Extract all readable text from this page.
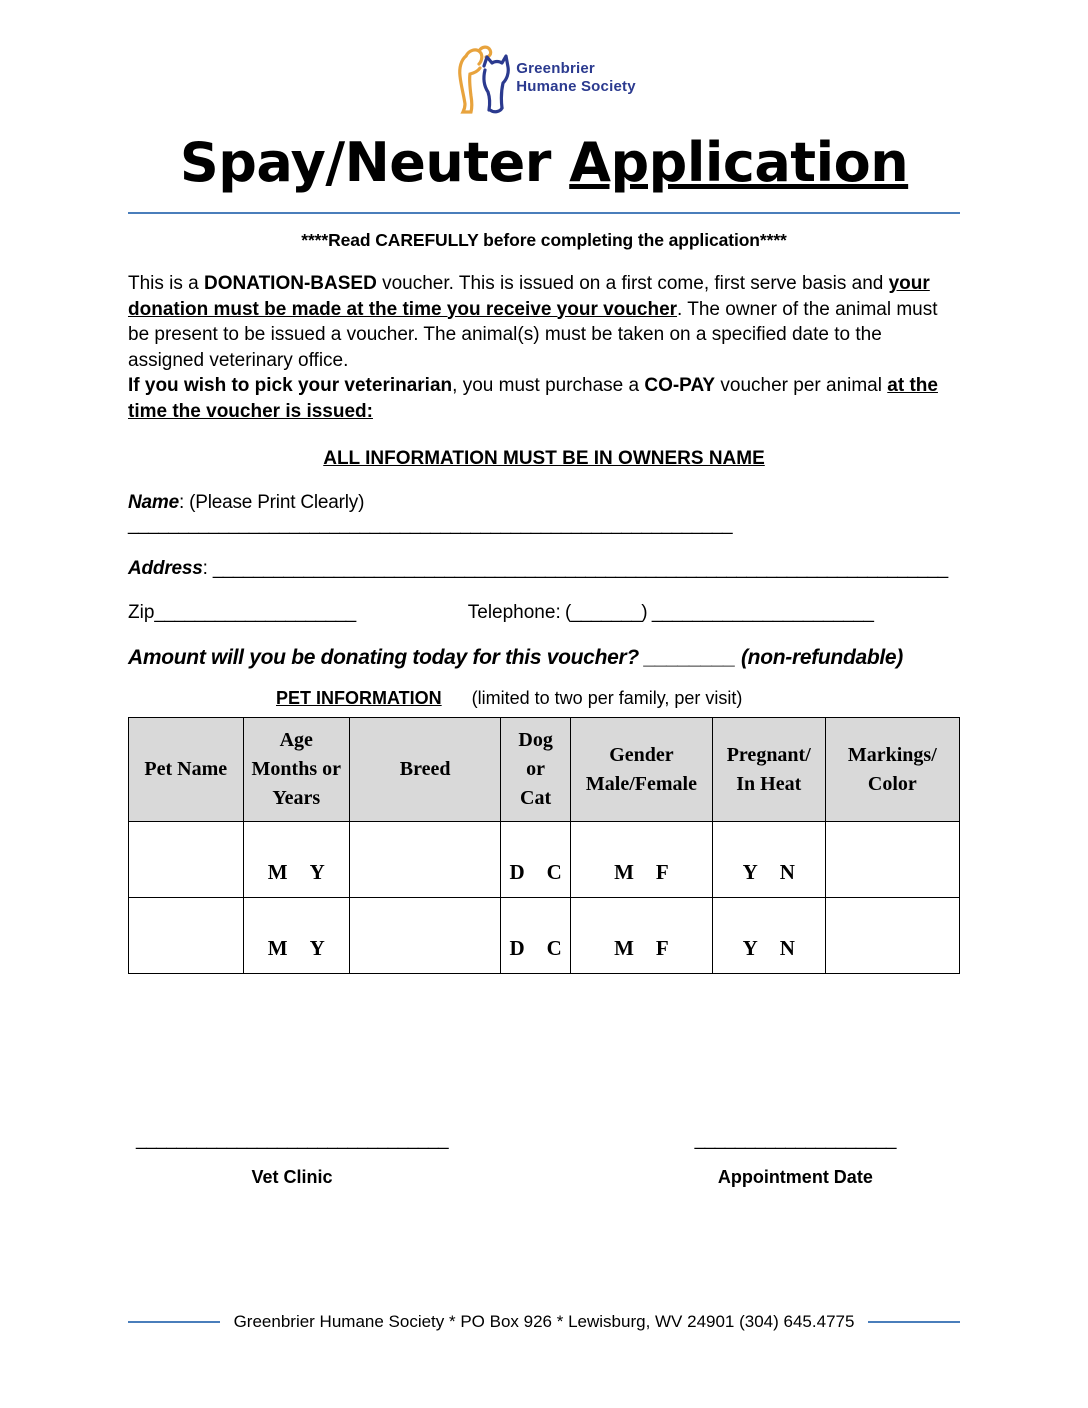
Greenbrier
Humane Society
Spay/Neuter Application
****Read CAREFULLY before completing the application****
This is a DONATION-BASED voucher. This is issued on a first come, first serve basis and your donation must be made at the time you receive your voucher. The owner of the animal must be present to be issued a voucher. The animal(s) must be taken on a specified date to the assigned veterinary office.
If you wish to pick your veterinarian, you must purchase a CO-PAY voucher per animal at the time the voucher is issued:
ALL INFORMATION MUST BE IN OWNERS NAME
Name: (Please Print Clearly) ____________________________________________________________
Address: _________________________________________________________________________
Zip____________________	Telephone: (_______) ______________________
Amount will you be donating today for this voucher? ________ (non-refundable)
PET INFORMATION (limited to two per family, per visit)
Pet Name	Age
Months or
Years	Breed	Dog
or
Cat	Gender
Male/Female	Pregnant/
In Heat	Markings/
Color
	M Y		D C	M F	Y N	
	M Y		D C	M F	Y N	
_______________________________
Vet Clinic
____________________
Appointment Date
Greenbrier Humane Society * PO Box 926 * Lewisburg, WV 24901 (304) 645.4775
